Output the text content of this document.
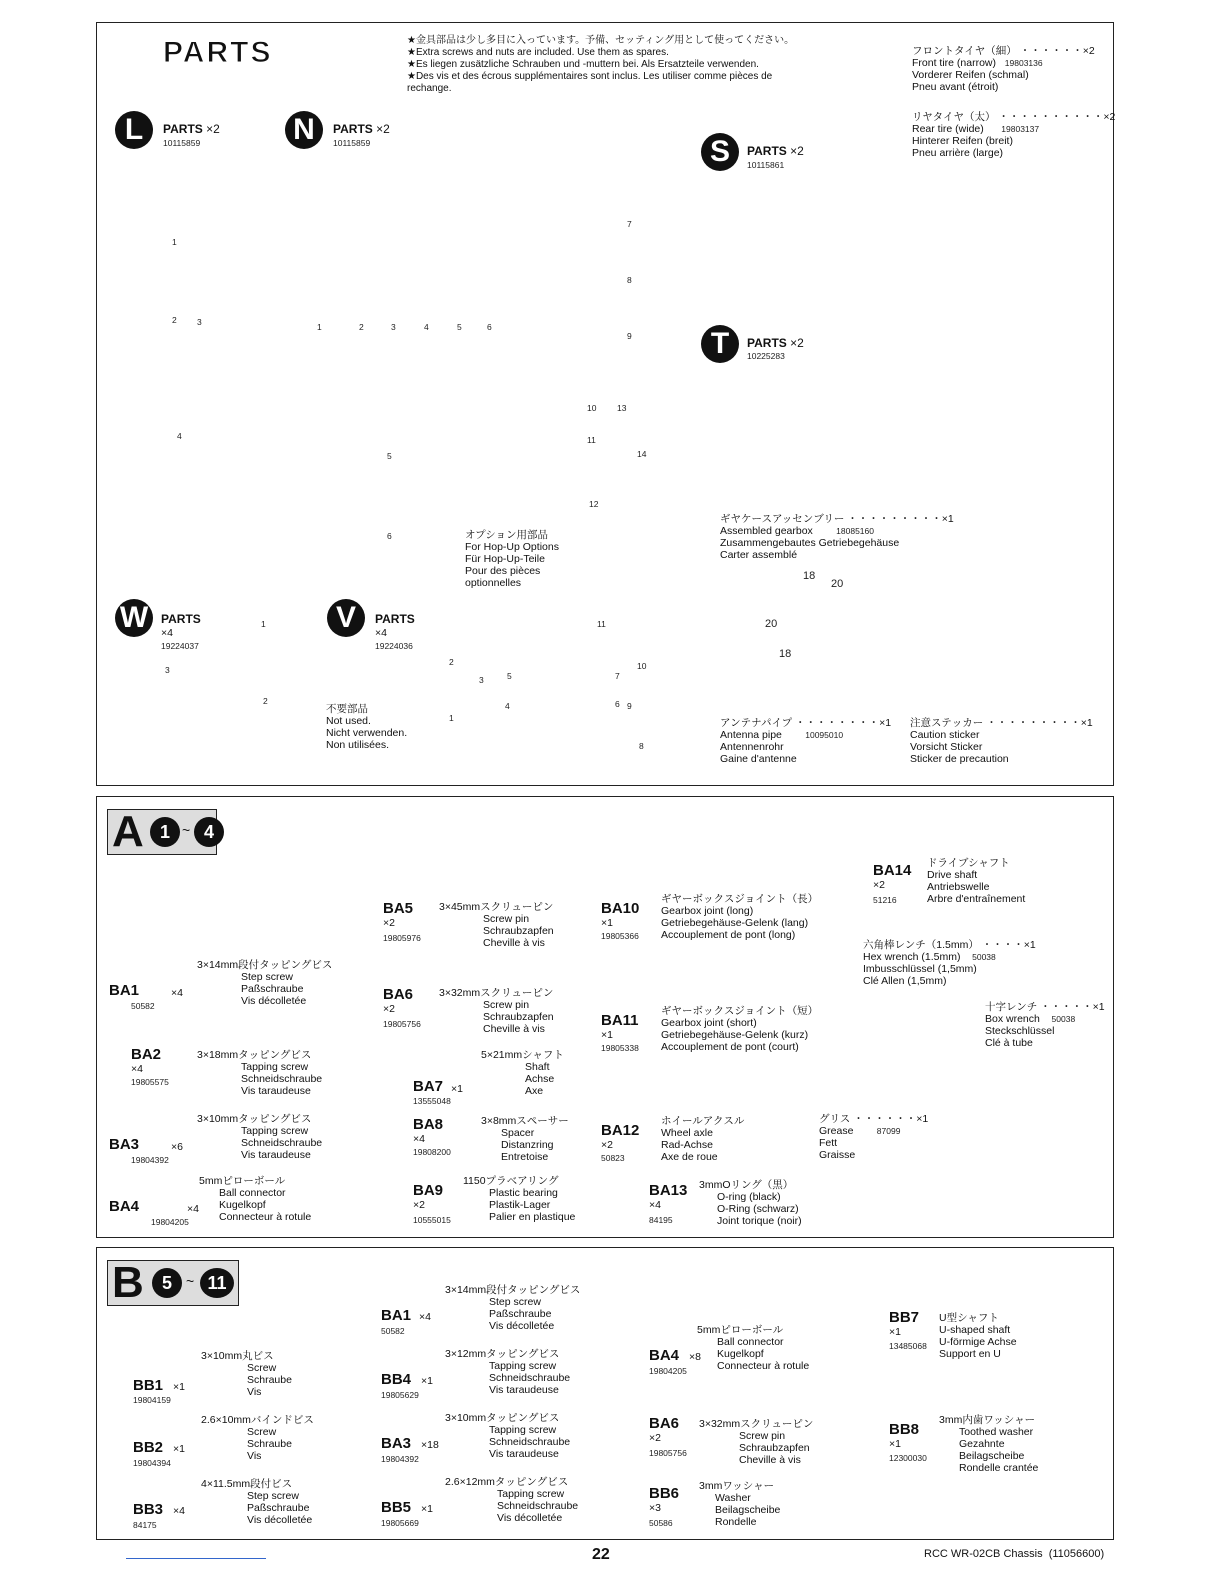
PARTS	★金具部品は少し多目に入っています。予備、セッティング用として使ってください。
★Extra screws and nuts are included. Use them as spares.
★Es liegen zusätzliche Schrauben und -muttern bei. Als Ersatzteile verwenden.
★Des vis et des écrous supplémentaires sont inclus. Les utiliser comme pièces de
rechange.
フロントタイヤ（細） ・・・・・・×2
Front tire (narrow) 19803136
Vorderer Reifen (schmal)
Pneu avant (étroit)
リヤタイヤ（太） ・・・・・・・・・・×2
Rear tire (wide) 19803137
Hinterer Reifen (breit)
Pneu arrière (large)
L	PARTS ×2
10115859	N	PARTS ×2
10115859	S	PARTS ×2
10115861
T	PARTS ×2
10225283
W	PARTS
×4
19224037
V	PARTS
×4
19224036
1
2 3
4
5
6
7
8
9
10
11
12
13
14
1	2	3	4	5	6
11
2
3	5	7
10
9
1
4	6
8
1
3
2
18
20
20
18
オプション用部品
For Hop-Up Options
Für Hop-Up-Teile
Pour des pièces
optionnelles
不要部品
Not used.
Nicht verwenden.
Non utilisées.
ギヤケースアッセンブリー ・・・・・・・・・×1
Assembled gearbox	18085160
Zusammengebautes Getriebegehäuse
Carter assemblé
アンテナパイプ ・・・・・・・・×1
Antenna pipe	10095010
Antennenrohr
Gaine d'antenne
注意ステッカー ・・・・・・・・・×1
Caution sticker
Vorsicht Sticker
Sticker de precaution
A 1 ~ 4
BA5
×2
19805976
3×45mmスクリューピン
Screw pin
Schraubzapfen
Cheville à vis
BA1	×4
50582
3×14mm段付タッピングビス
Step screw
Paßschraube
Vis décolletée	BA6
×2
19805756
3×32mmスクリューピン
Screw pin
Schraubzapfen
Cheville à vis
BA2
×4
19805575
3×18mmタッピングビス
Tapping screw
Schneidschraube
Vis taraudeuse	BA7 ×1
13555048
5×21mmシャフト
Shaft
Achse
Axe
BA3	×6
19804392
3×10mmタッピングビス
Tapping screw
Schneidschraube
Vis taraudeuse
BA8
×4
19808200
3×8mmスペーサー
Spacer
Distanzring
Entretoise
BA4	×4
19804205
5mmピローボール
Ball connector
Kugelkopf
Connecteur à rotule
BA9
×2
10555015
1150プラベアリング
Plastic bearing
Plastik-Lager
Palier en plastique
BA10
×1
19805366
ギヤーボックスジョイント（長）
Gearbox joint (long)
Getriebegehäuse-Gelenk (lang)
Accouplement de pont (long)
BA11
×1
19805338
ギヤーボックスジョイント（短）
Gearbox joint (short)
Getriebegehäuse-Gelenk (kurz)
Accouplement de pont (court)
BA12
×2
50823
ホイールアクスル
Wheel axle
Rad-Achse
Axe de roue
BA13
×4
84195
3mmOリング（黒）
O-ring (black)
O-Ring (schwarz)
Joint torique (noir)
BA14
×2
51216
ドライブシャフト
Drive shaft
Antriebswelle
Arbre d'entraînement
六角棒レンチ（1.5mm） ・・・・×1
Hex wrench (1.5mm) 50038
Imbusschlüssel (1,5mm)
Clé Allen (1,5mm)
十字レンチ ・・・・・×1
Box wrench 50038
Steckschlüssel
Clé à tube
グリス ・・・・・・×1
Grease	87099
Fett
Graisse
B	5	~ 11
BB1 ×1
19804159
3×10mm丸ビス
Screw
Schraube
Vis
BB2 ×1
19804394
2.6×10mmバインドビス
Screw
Schraube
Vis
BB3 ×4
84175
4×11.5mm段付ビス
Step screw
Paßschraube
Vis décolletée
BA1 ×4
50582
3×14mm段付タッピングビス
Step screw
Paßschraube
Vis décolletée
BB4 ×1
19805629
3×12mmタッピングビス
Tapping screw
Schneidschraube
Vis taraudeuse
BA3 ×18
19804392
3×10mmタッピングビス
Tapping screw
Schneidschraube
Vis taraudeuse
BB5 ×1
19805669
2.6×12mmタッピングビス
Tapping screw
Schneidschraube
Vis décolletée
BA4 ×8
19804205
5mmピローボール
Ball connector
Kugelkopf
Connecteur à rotule
BA6
×2
19805756
3×32mmスクリューピン
Screw pin
Schraubzapfen
Cheville à vis
BB6
×3
50586
3mmワッシャー
Washer
Beilagscheibe
Rondelle
BB7
×1
13485068
U型シャフト
U-shaped shaft
U-förmige Achse
Support en U
BB8
×1
12300030
3mm内歯ワッシャー
Toothed washer
Gezahnte
Beilagscheibe
Rondelle crantée
22	RCC WR-02CB Chassis (11056600)
